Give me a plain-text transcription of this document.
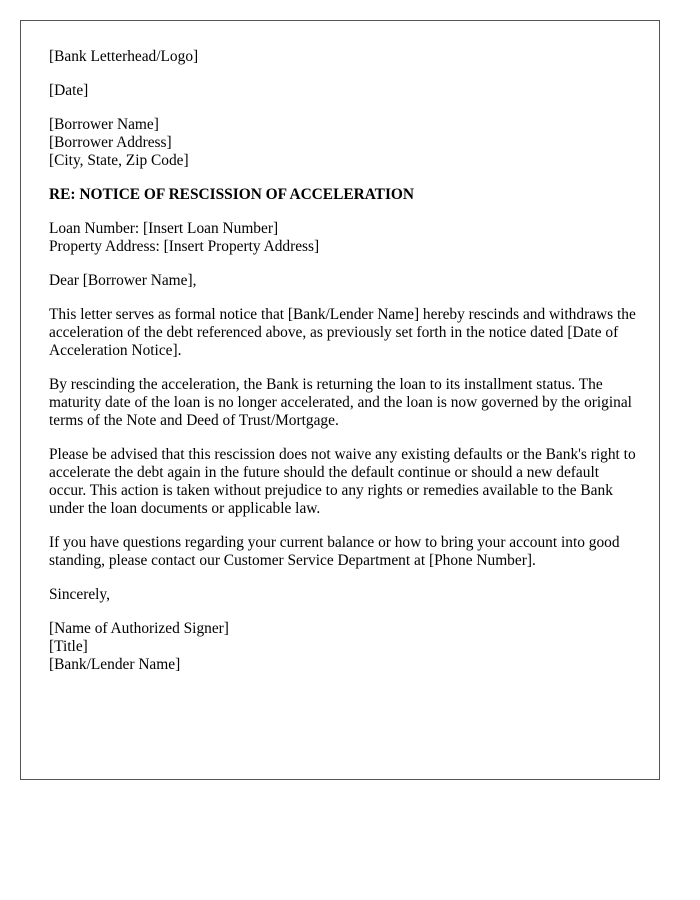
[Bank Letterhead/Logo]
[Date]
[Borrower Name]
[Borrower Address]
[City, State, Zip Code]
RE: NOTICE OF RESCISSION OF ACCELERATION
Loan Number: [Insert Loan Number]
Property Address: [Insert Property Address]
Dear [Borrower Name],

This letter serves as formal notice that [Bank/Lender Name] hereby rescinds and withdraws the acceleration of the debt referenced above, as previously set forth in the notice dated [Date of Acceleration Notice].

By rescinding the acceleration, the Bank is returning the loan to its installment status. The maturity date of the loan is no longer accelerated, and the loan is now governed by the original terms of the Note and Deed of Trust/Mortgage.

Please be advised that this rescission does not waive any existing defaults or the Bank's right to accelerate the debt again in the future should the default continue or should a new default occur. This action is taken without prejudice to any rights or remedies available to the Bank under the loan documents or applicable law.

If you have questions regarding your current balance or how to bring your account into good standing, please contact our Customer Service Department at [Phone Number].

Sincerely,
[Name of Authorized Signer]
[Title]
[Bank/Lender Name]
